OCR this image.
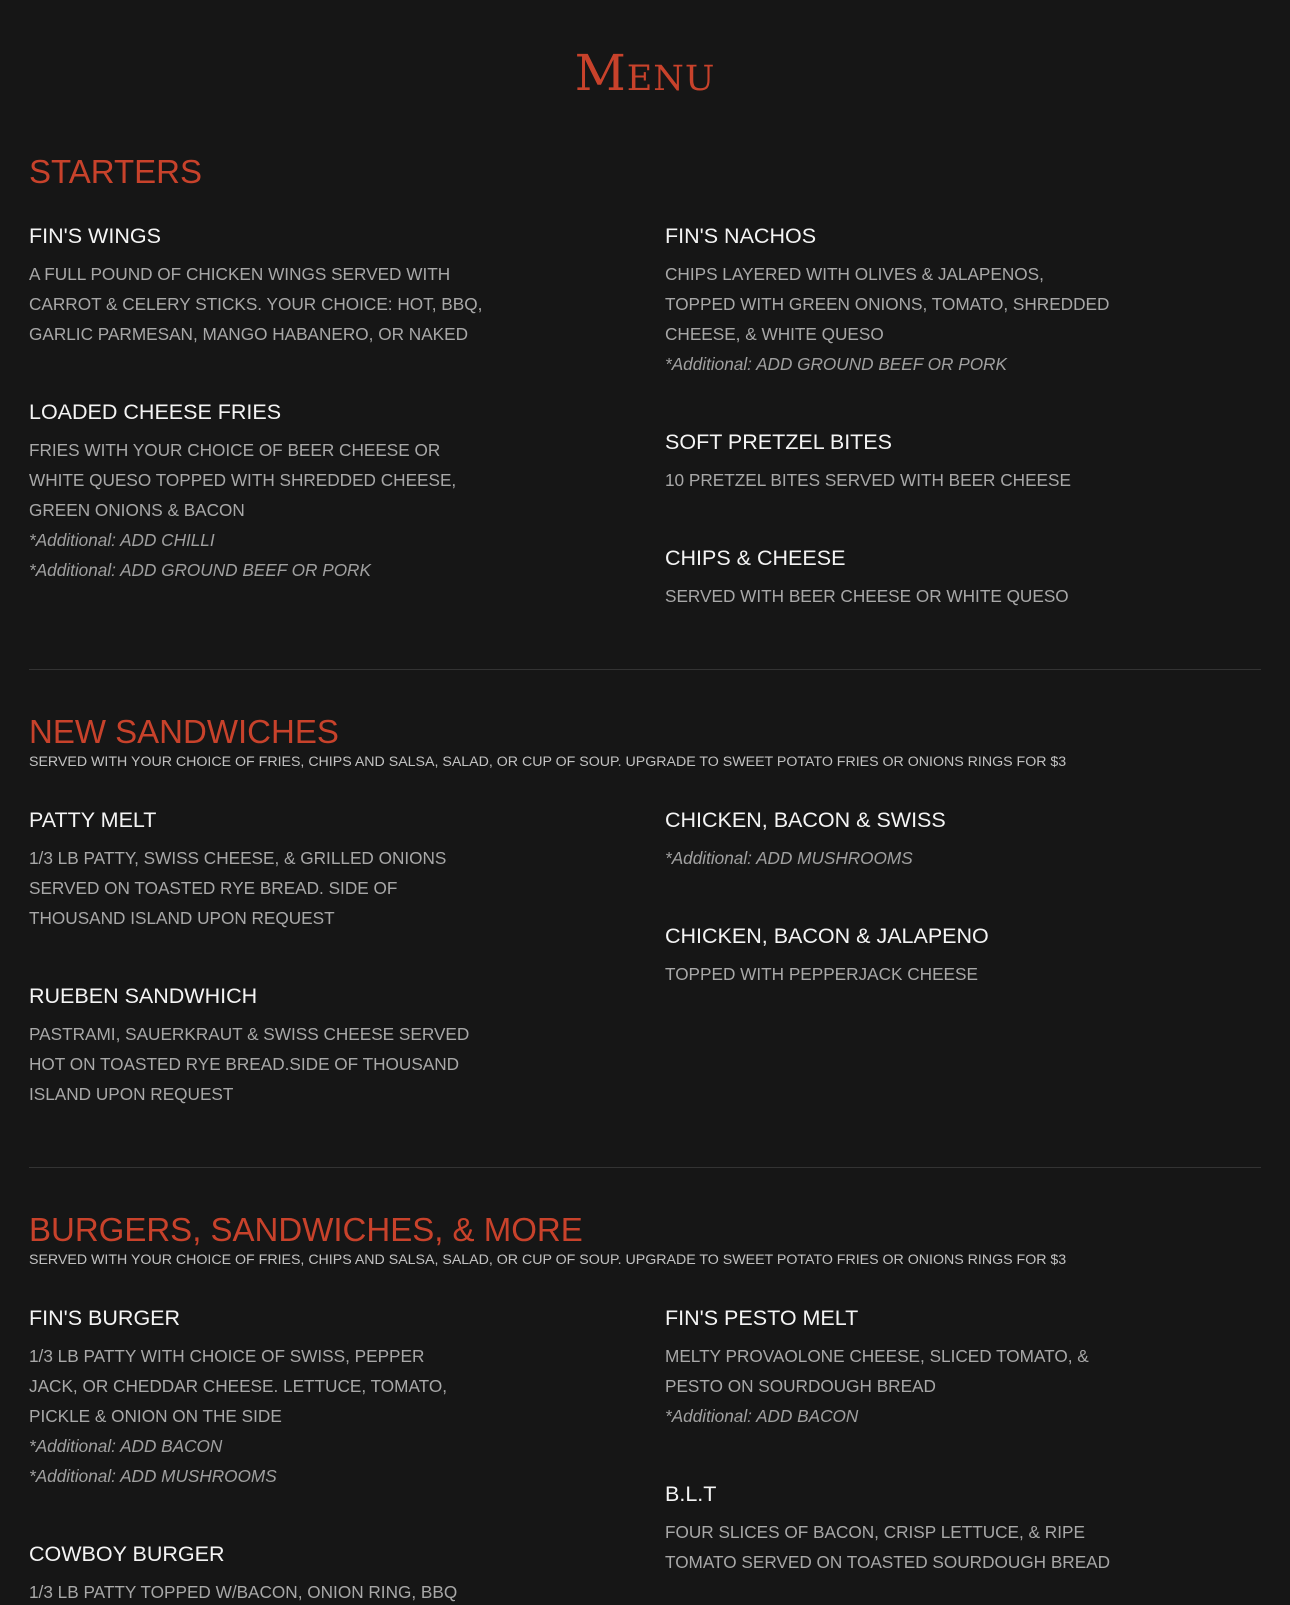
Menu
STARTERS
FIN'S WINGS
A FULL POUND OF CHICKEN WINGS SERVED WITH
CARROT & CELERY STICKS. YOUR CHOICE: HOT, BBQ,
GARLIC PARMESAN, MANGO HABANERO, OR NAKED
FIN'S NACHOS
CHIPS LAYERED WITH OLIVES & JALAPENOS,
TOPPED WITH GREEN ONIONS, TOMATO, SHREDDED
CHEESE, & WHITE QUESO
*Additional: ADD GROUND BEEF OR PORK
LOADED CHEESE FRIES
FRIES WITH YOUR CHOICE OF BEER CHEESE OR
WHITE QUESO TOPPED WITH SHREDDED CHEESE,
GREEN ONIONS & BACON
*Additional: ADD CHILLI
*Additional: ADD GROUND BEEF OR PORK
SOFT PRETZEL BITES
10 PRETZEL BITES SERVED WITH BEER CHEESE
CHIPS & CHEESE
SERVED WITH BEER CHEESE OR WHITE QUESO
NEW SANDWICHES

SERVED WITH YOUR CHOICE OF FRIES, CHIPS AND SALSA, SALAD, OR CUP OF SOUP. UPGRADE TO SWEET POTATO FRIES OR ONIONS RINGS FOR $3

PATTY MELT
1/3 LB PATTY, SWISS CHEESE, & GRILLED ONIONS
SERVED ON TOASTED RYE BREAD. SIDE OF
THOUSAND ISLAND UPON REQUEST
CHICKEN, BACON & SWISS
*Additional: ADD MUSHROOMS
CHICKEN, BACON & JALAPENO
TOPPED WITH PEPPERJACK CHEESE
RUEBEN SANDWHICH
PASTRAMI, SAUERKRAUT & SWISS CHEESE SERVED
HOT ON TOASTED RYE BREAD.SIDE OF THOUSAND
ISLAND UPON REQUEST
BURGERS, SANDWICHES, & MORE

SERVED WITH YOUR CHOICE OF FRIES, CHIPS AND SALSA, SALAD, OR CUP OF SOUP. UPGRADE TO SWEET POTATO FRIES OR ONIONS RINGS FOR $3

FIN'S BURGER
1/3 LB PATTY WITH CHOICE OF SWISS, PEPPER
JACK, OR CHEDDAR CHEESE. LETTUCE, TOMATO,
PICKLE & ONION ON THE SIDE
*Additional: ADD BACON
*Additional: ADD MUSHROOMS
FIN'S PESTO MELT
MELTY PROVAOLONE CHEESE, SLICED TOMATO, &
PESTO ON SOURDOUGH BREAD
*Additional: ADD BACON
B.L.T
FOUR SLICES OF BACON, CRISP LETTUCE, & RIPE
TOMATO SERVED ON TOASTED SOURDOUGH BREAD
COWBOY BURGER
1/3 LB PATTY TOPPED W/BACON, ONION RING, BBQ
